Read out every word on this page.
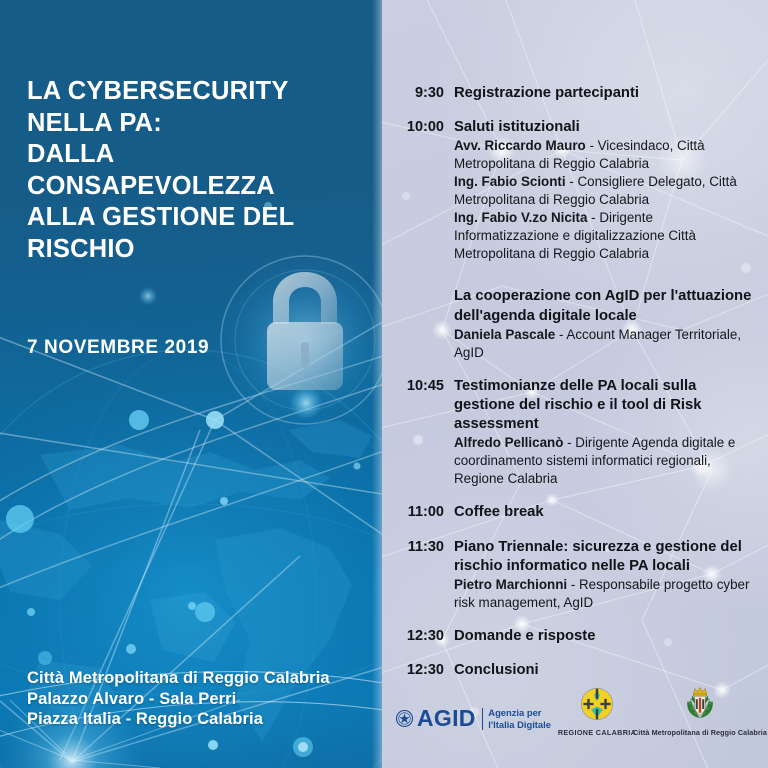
LA CYBERSECURITY NELLA PA:
DALLA CONSAPEVOLEZZA
ALLA GESTIONE DEL RISCHIO
7 NOVEMBRE 2019
Città Metropolitana di Reggio Calabria
Palazzo Alvaro - Sala Perri
Piazza Italia - Reggio Calabria
9:30 Registrazione partecipanti
10:00 Saluti istituzionali
Avv. Riccardo Mauro - Vicesindaco, Città Metropolitana di Reggio Calabria
Ing. Fabio Scionti - Consigliere Delegato, Città Metropolitana di Reggio Calabria
Ing. Fabio V.zo Nicita - Dirigente Informatizzazione e digitalizzazione Città Metropolitana di Reggio Calabria
La cooperazione con AgID per l'attuazione dell'agenda digitale locale
Daniela Pascale - Account Manager Territoriale, AgID
10:45 Testimonianze delle PA locali sulla gestione del rischio e il tool di Risk assessment
Alfredo Pellicanò - Dirigente Agenda digitale e coordinamento sistemi informatici regionali, Regione Calabria
11:00 Coffee break
11:30 Piano Triennale: sicurezza e gestione del rischio informatico nelle PA locali
Pietro Marchionni - Responsabile progetto cyber risk management, AgID
12:30 Domande e risposte
12:30 Conclusioni
AGID Agenzia per
l'Italia Digitale
REGIONE CALABRIA
Città Metropolitana di Reggio Calabria
